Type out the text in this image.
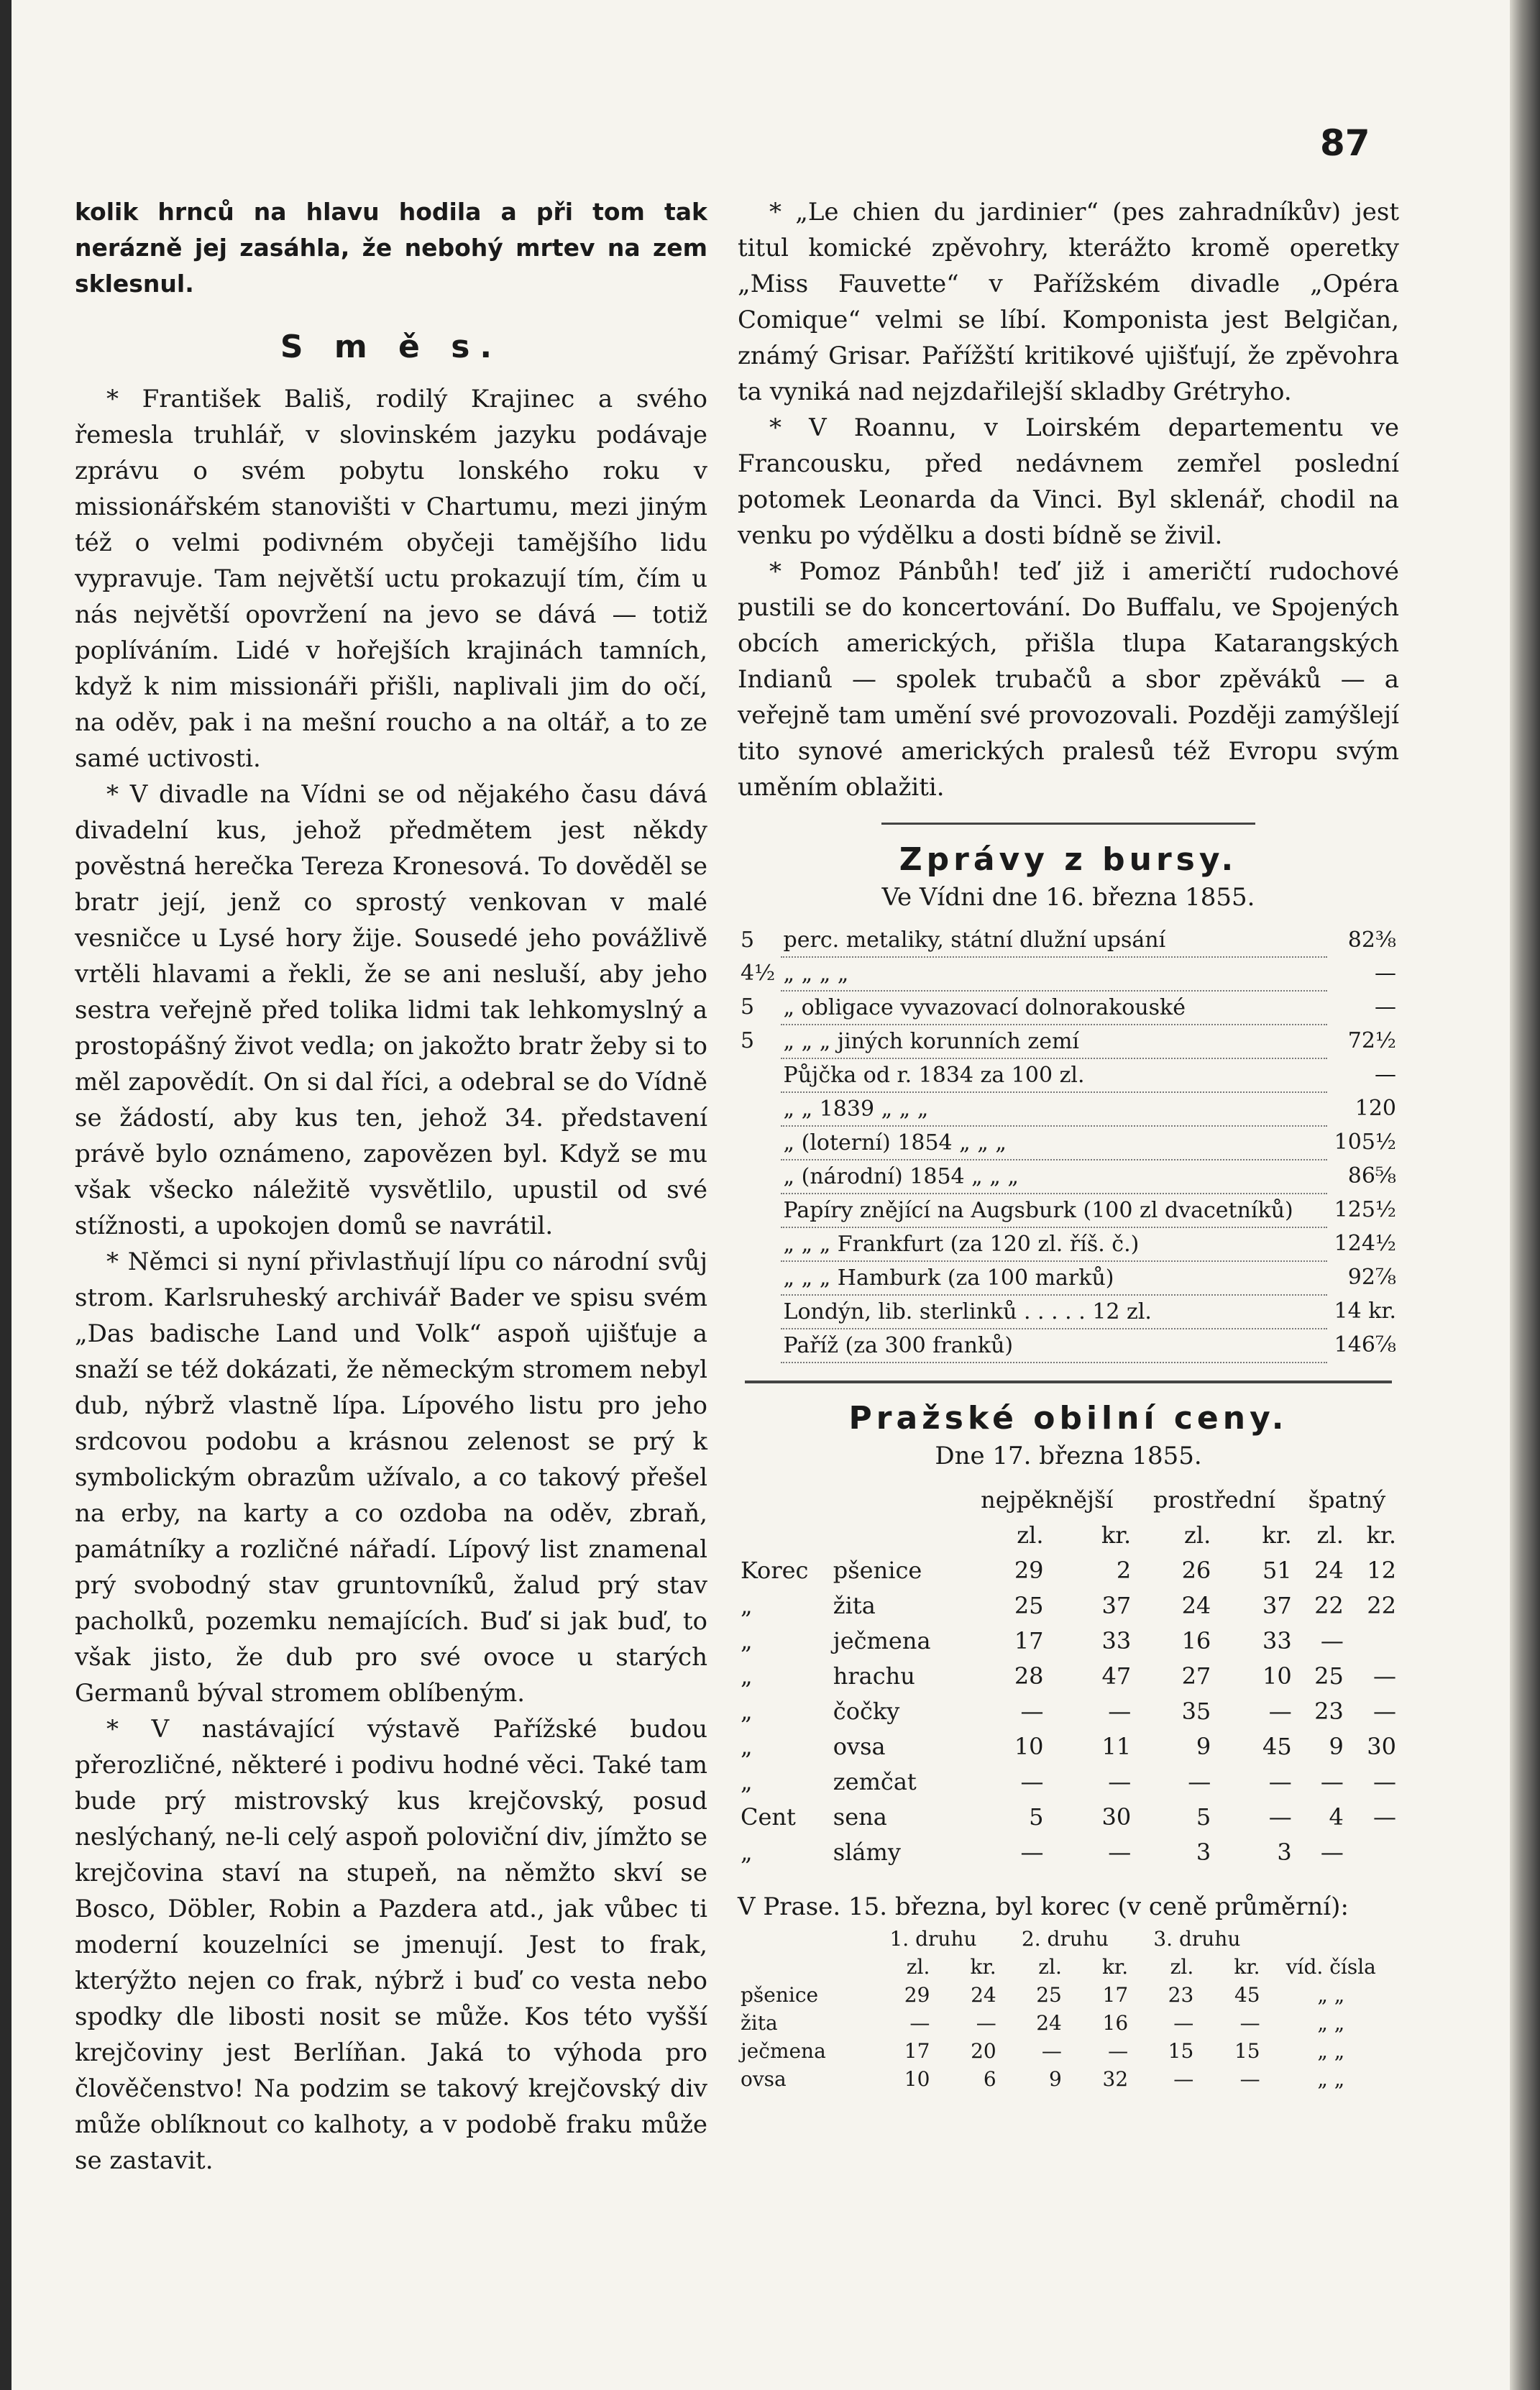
87

kolik hrnců na hlavu hodila a při tom tak nerázně jej zasáhla, že nebohý mrtev na zem sklesnul.

S m ě s.

* František Bališ, rodilý Krajinec a svého řemesla truhlář, v slovinském jazyku podávaje zprávu o svém pobytu lonského roku v missionářském stanovišti v Chartumu, mezi jiným též o velmi podivném obyčeji tamějšího lidu vypravuje. Tam největší uctu prokazují tím, čím u nás největší opovržení na jevo se dává — totiž poplíváním. Lidé v hořejších krajinách tamních, když k nim missionáři přišli, naplivali jim do očí, na oděv, pak i na mešní roucho a na oltář, a to ze samé uctivosti.

* V divadle na Vídni se od nějakého času dává divadelní kus, jehož předmětem jest někdy pověstná herečka Tereza Kronesová. To dověděl se bratr její, jenž co sprostý venkovan v malé vesničce u Lysé hory žije. Sousedé jeho povážlivě vrtěli hlavami a řekli, že se ani nesluší, aby jeho sestra veřejně před tolika lidmi tak lehkomyslný a prostopášný život vedla; on jakožto bratr žeby si to měl zapovědít. On si dal říci, a odebral se do Vídně se žádostí, aby kus ten, jehož 34. představení právě bylo oznámeno, zapovězen byl. Když se mu však všecko náležitě vysvětlilo, upustil od své stížnosti, a upokojen domů se navrátil.

* Němci si nyní přivlastňují lípu co národní svůj strom. Karlsruheský archivář Bader ve spisu svém „Das badische Land und Volk“ aspoň ujišťuje a snaží se též dokázati, že německým stromem nebyl dub, nýbrž vlastně lípa. Lípového listu pro jeho srdcovou podobu a krásnou zelenost se prý k symbolickým obrazům užívalo, a co takový přešel na erby, na karty a co ozdoba na oděv, zbraň, památníky a rozličné nářadí. Lípový list znamenal prý svobodný stav gruntovníků, žalud prý stav pacholků, pozemku nemajících. Buď si jak buď, to však jisto, že dub pro své ovoce u starých Germanů býval stromem oblíbeným.

* V nastávající výstavě Pařížské budou přerozličné, některé i podivu hodné věci. Také tam bude prý mistrovský kus krejčovský, posud neslýchaný, ne-li celý aspoň poloviční div, jímžto se krejčovina staví na stupeň, na němžto skví se Bosco, Döbler, Robin a Pazdera atd., jak vůbec ti moderní kouzelníci se jmenují. Jest to frak, kterýžto nejen co frak, nýbrž i buď co vesta nebo spodky dle libosti nosit se může. Kos této vyšší krejčoviny jest Berlíňan. Jaká to výhoda pro člověčenstvo! Na podzim se takový krejčovský div může oblíknout co kalhoty, a v podobě fraku může se zastavit.

* „Le chien du jardinier“ (pes zahradníkův) jest titul komické zpěvohry, kterážto kromě operetky „Miss Fauvette“ v Pařížském divadle „Opéra Comique“ velmi se líbí. Komponista jest Belgičan, známý Grisar. Pařížští kritikové ujišťují, že zpěvohra ta vyniká nad nejzdařilejší skladby Grétryho.

* V Roannu, v Loirském departementu ve Francousku, před nedávnem zemřel poslední potomek Leonarda da Vinci. Byl sklenář, chodil na venku po výdělku a dosti bídně se živil.

* Pomoz Pánbůh! teď již i američtí rudochové pustili se do koncertování. Do Buffalu, ve Spojených obcích amerických, přišla tlupa Katarangských Indianů — spolek trubačů a sbor zpěváků — a veřejně tam umění své provozovali. Později zamýšlejí tito synové amerických pralesů též Evropu svým uměním oblažiti.

Zprávy z bursy.
Ve Vídni dne 16. března 1855.
5	perc. metaliky, státní dlužní upsání	82⅜
4½	„ „ „ „	—
5	„ obligace vyvazovací dolnorakouské	—
5	„ „ „ jiných korunních zemí	72½
	Půjčka od r. 1834 za 100 zl.	—
	„ „ 1839 „ „ „	120
	„ (loterní) 1854 „ „ „	105½
	„ (národní) 1854 „ „ „	86⅝
	Papíry znějící na Augsburk (100 zl dvacetníků)	125½
	„ „ „ Frankfurt (za 120 zl. říš. č.)	124½
	„ „ „ Hamburk (za 100 marků)	92⅞
	Londýn, lib. sterlinků . . . . . 12 zl.	14 kr.
	Paříž (za 300 franků)	146⅞
Pražské obilní ceny.
Dne 17. března 1855.
		nejpěknější		prostřední		špatný	
		zl.	kr.	zl.	kr.	zl.	kr.
Korec	pšenice	29	2	26	51	24	12
„	žita	25	37	24	37	22	22
„	ječmena	17	33	16	33	—	
„	hrachu	28	47	27	10	25	—
„	čočky	—	—	35	—	23	—
„	ovsa	10	11	9	45	9	30
„	zemčat	—	—	—	—	—	—
Cent	sena	5	30	5	—	4	—
„	slámy	—	—	3	3	—	

V Prase. 15. března, byl korec (v ceně průměrní):

	1. druhu		2. druhu		3. druhu		
	zl.	kr.	zl.	kr.	zl.	kr.	víd. čísla
pšenice	29	24	25	17	23	45	„ „
žita	—	—	24	16	—	—	„ „
ječmena	17	20	—	—	15	15	„ „
ovsa	10	6	9	32	—	—	„ „
